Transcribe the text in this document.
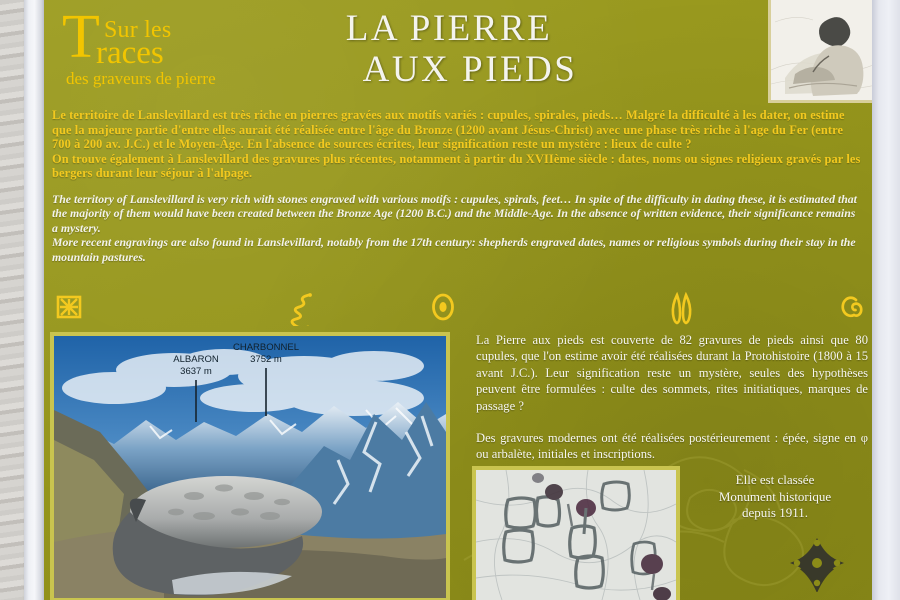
T Sur les
races
des graveurs de pierre
LA PIERRE
AUX PIEDS

Le territoire de Lanslevillard est très riche en pierres gravées aux motifs variés : cupules, spirales, pieds… Malgré la difficulté à les dater, on estime que la majeure partie d'entre elles aurait été réalisée entre l'âge du Bronze (1200 avant Jésus-Christ) avec une phase très riche à l'age du Fer (entre 700 à 200 av. J.C.) et le Moyen-Âge. En l'absence de sources écrites, leur signification reste un mystère : lieux de culte ?

On trouve également à Lanslevillard des gravures plus récentes, notamment à partir du XVIIème siècle : dates, noms ou signes religieux gravés par les bergers durant leur séjour à l'alpage.

The territory of Lanslevillard is very rich with stones engraved with various motifs : cupules, spirals, feet… In spite of the difficulty in dating these, it is estimated that the majority of them would have been created between the Bronze Age (1200 B.C.) and the Middle-Age. In the absence of written evidence, their significance remains a mystery.

More recent engravings are also found in Lanslevillard, notably from the 17th century: shepherds engraved dates, names or religious symbols during their stay in the mountain pastures.

ALBARON
3637 m
CHARBONNEL
3752 m

La Pierre aux pieds est couverte de 82 gravures de pieds ainsi que 80 cupules, que l'on estime avoir été réalisées durant la Protohistoire (1800 à 15 avant J.C.). Leur signification reste un mystère, seules des hypothèses peuvent être formulées : culte des sommets, rites initiatiques, marques de passage ?

Des gravures modernes ont été réalisées postérieurement : épée, signe en φ ou arbalète, initiales et inscriptions.

Elle est classée
Monument historique
depuis 1911.
